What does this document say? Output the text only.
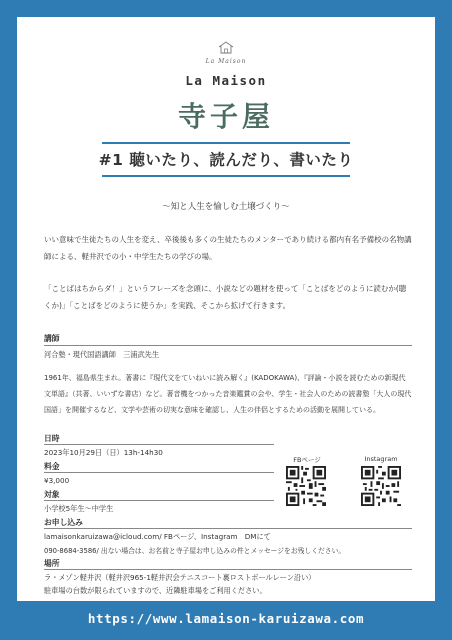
La Maison
La Maison
寺子屋
#1 聴いたり、読んだり、書いたり
〜知と人生を愉しむ土壌づくり〜
いい意味で生徒たちの人生を変え、卒後後も多くの生徒たちのメンターであり続ける都内有名予備校の名物講師による、軽井沢での小・中学生たちの学びの場。
「ことばはちからダ！」というフレーズを念頭に、小説などの題材を使って「ことばをどのように読むか(聴くか)」「ことばをどのように使うか」を実践、そこから拡げて行きます。
講師
河合塾・現代国語講師　三浦武先生
1961年、福島県生まれ。著書に『現代文をていねいに読み解く』(KADOKAWA)、『評論・小説を読むための新現代文単語』（共著、いいずな書店）など。著音機をつかった音楽鑑賞の会や、学生・社会人のための読書塾「大人の現代国語」を開催するなど、文学や芸術の切実な意味を確認し、人生の伴侶とするための活動を展開している。
日時
2023年10月29日（日）13h-14h30
料金
¥3,000
対象
小学校5年生〜中学生
お申し込み
lamaisonkaruizawa@icloud.com/ FBページ、Instagram　DMにて
090-8684-3586/ 出ない場合は、お名前と寺子屋お申し込みの件とメッセージをお残しください。
場所
ラ・メゾン軽井沢（軽井沢965-1軽井沢会テニスコート裏ロストボールレーン沿い）
駐車場の台数が限られていますので、近隣駐車場をご利用ください。
FBページ	Instagram
https://www.lamaison-karuizawa.com
